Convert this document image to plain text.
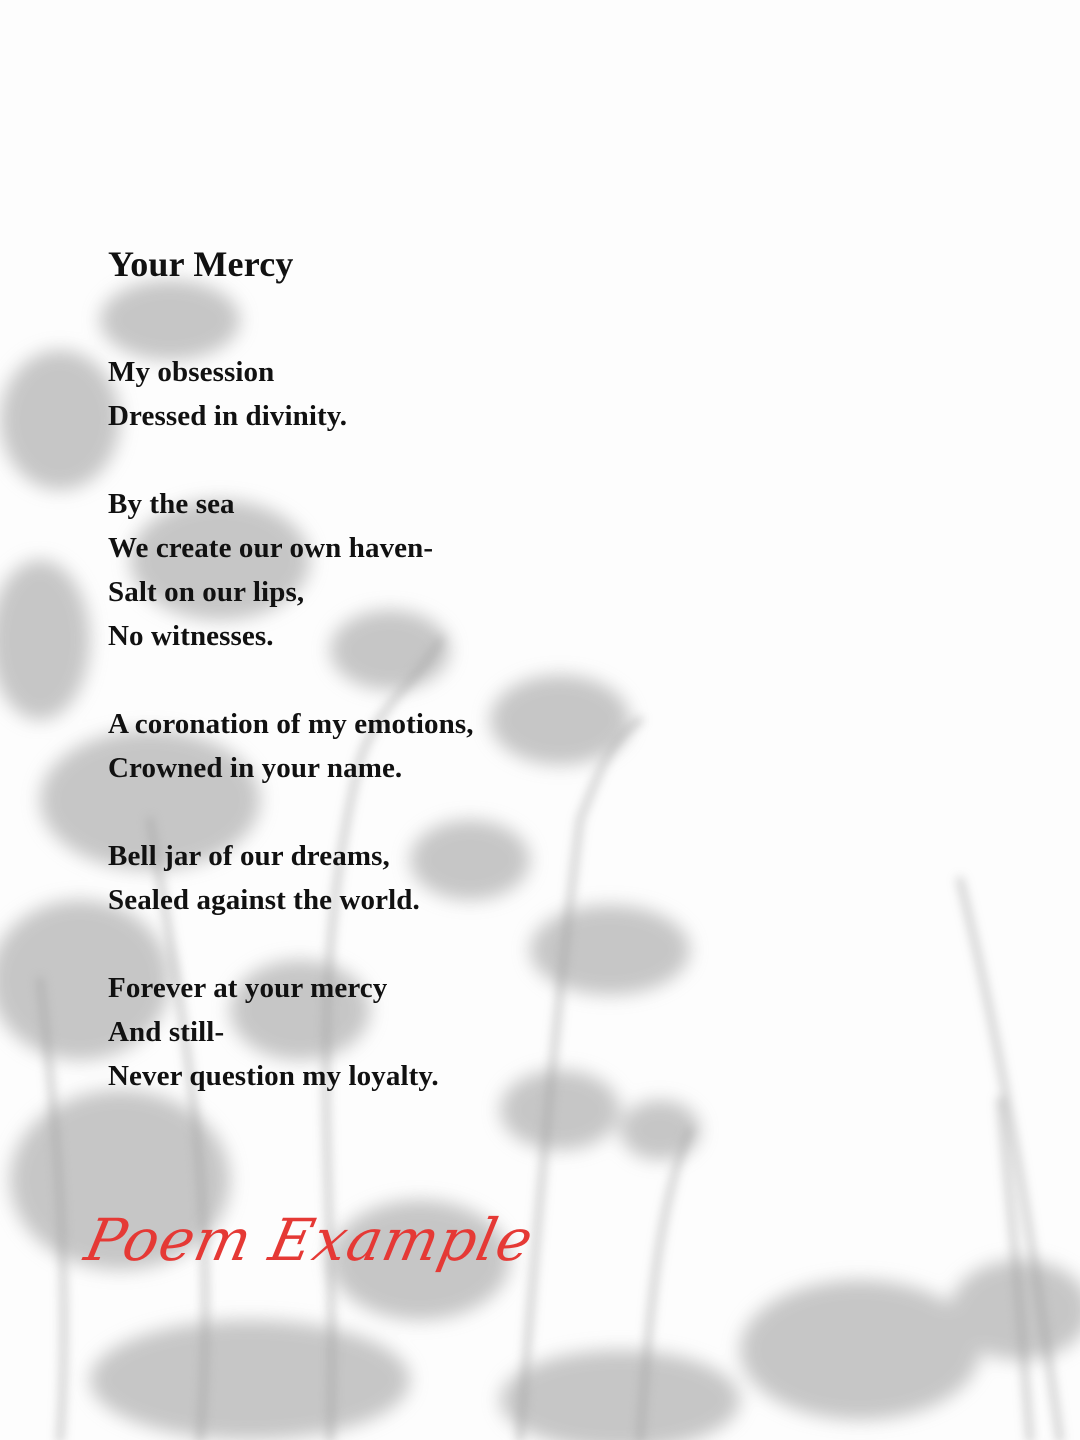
Your Mercy
My obsession
Dressed in divinity.
By the sea
We create our own haven-
Salt on our lips,
No witnesses.
A coronation of my emotions,
Crowned in your name.
Bell jar of our dreams,
Sealed against the world.
Forever at your mercy
And still-
Never question my loyalty.
Poem Example
